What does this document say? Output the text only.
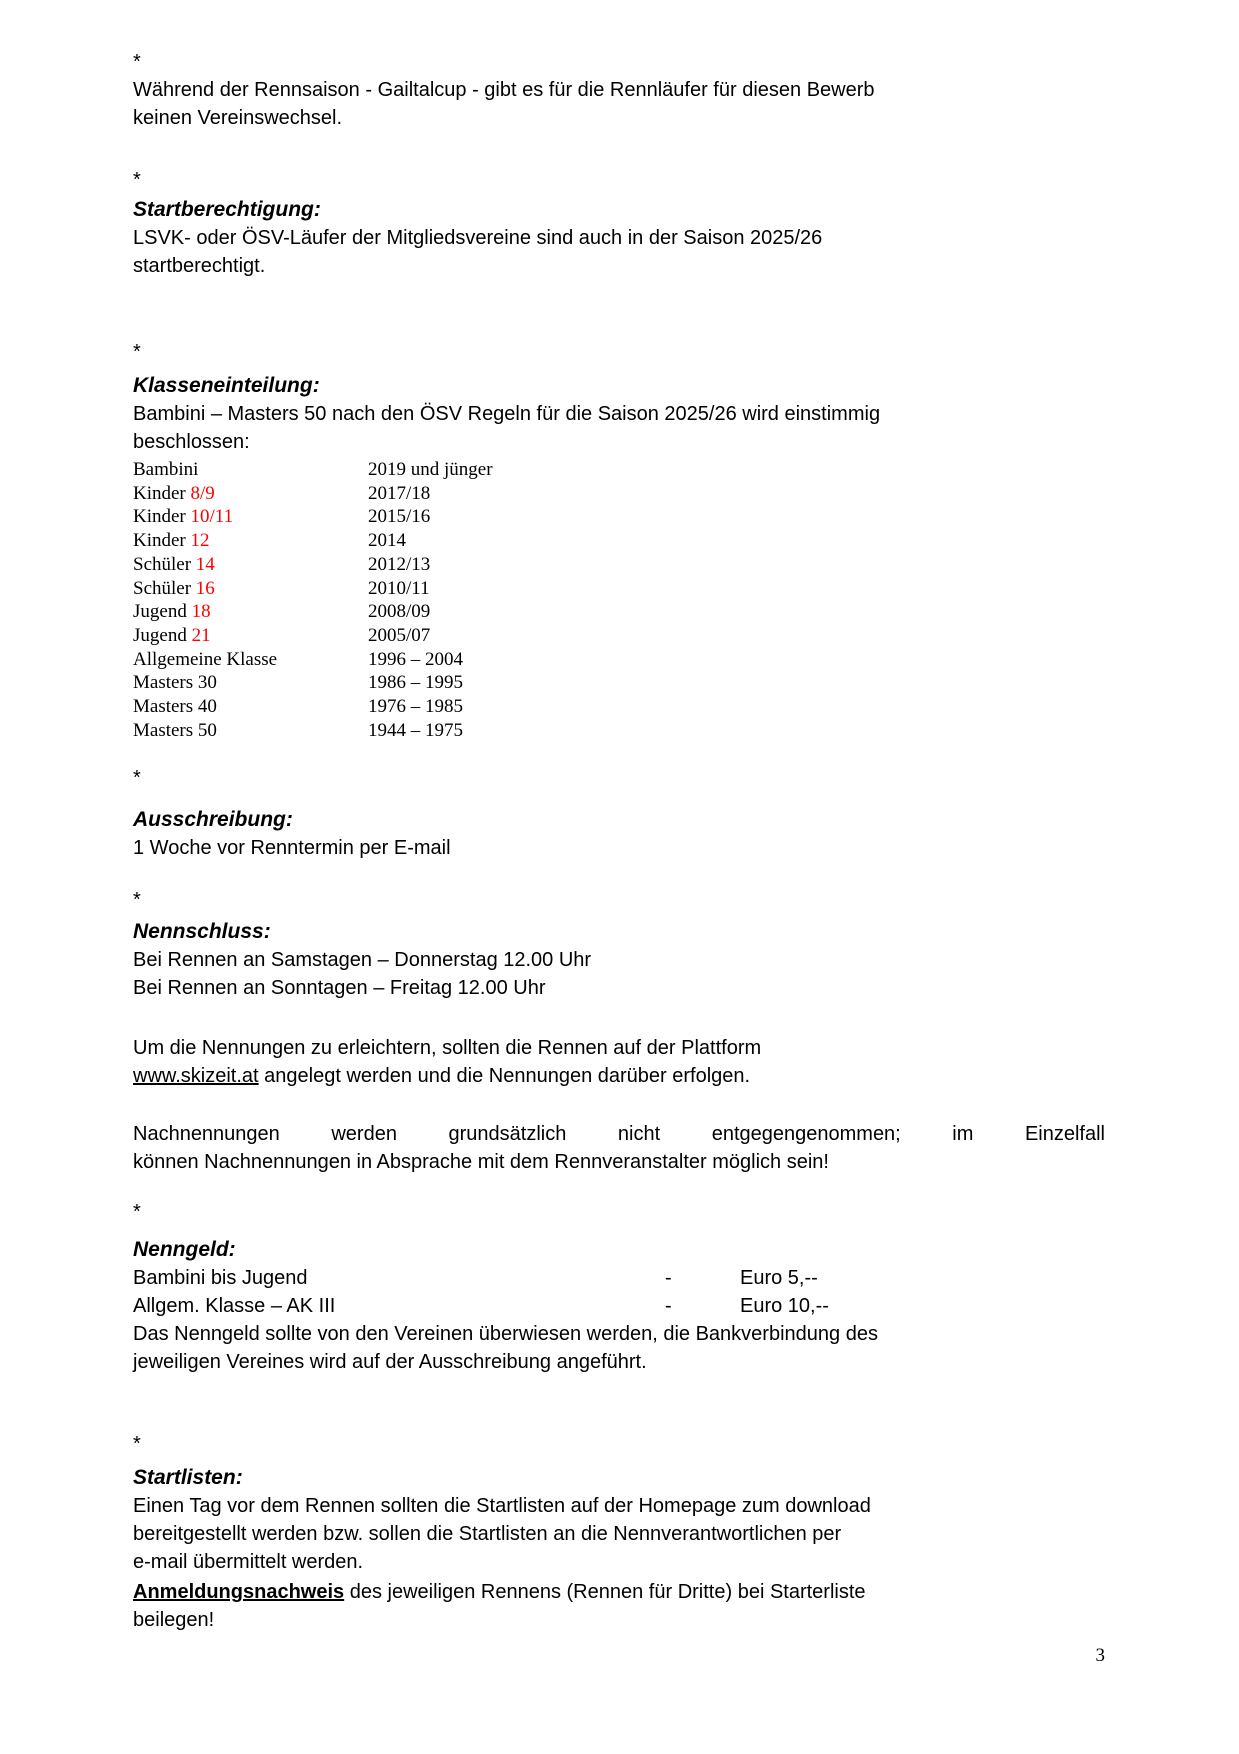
*
Während der Rennsaison - Gailtalcup - gibt es für die Rennläufer für diesen Bewerb
keinen Vereinswechsel.
*
Startberechtigung:
LSVK- oder ÖSV-Läufer der Mitgliedsvereine sind auch in der Saison 2025/26
startberechtigt.
*
Klasseneinteilung:
Bambini – Masters 50 nach den ÖSV Regeln für die Saison 2025/26 wird einstimmig
beschlossen:
Bambini	2019 und jünger
Kinder 8/9	2017/18
Kinder 10/11	2015/16
Kinder 12	2014
Schüler 14	2012/13
Schüler 16	2010/11
Jugend 18	2008/09
Jugend 21	2005/07
Allgemeine Klasse	1996 – 2004
Masters 30	1986 – 1995
Masters 40	1976 – 1985
Masters 50	1944 – 1975
*
Ausschreibung:
1 Woche vor Renntermin per E-mail
*
Nennschluss:
Bei Rennen an Samstagen – Donnerstag 12.00 Uhr
Bei Rennen an Sonntagen – Freitag 12.00 Uhr
Um die Nennungen zu erleichtern, sollten die Rennen auf der Plattform
www.skizeit.at angelegt werden und die Nennungen darüber erfolgen.
Nachnennungen werden grundsätzlich nicht entgegengenommen; im Einzelfall
können Nachnennungen in Absprache mit dem Rennveranstalter möglich sein!
*
Nenngeld:
Bambini bis Jugend	-	Euro 5,--
Allgem. Klasse – AK III	-	Euro 10,--
Das Nenngeld sollte von den Vereinen überwiesen werden, die Bankverbindung des
jeweiligen Vereines wird auf der Ausschreibung angeführt.
*
Startlisten:
Einen Tag vor dem Rennen sollten die Startlisten auf der Homepage zum download
bereitgestellt werden bzw. sollen die Startlisten an die Nennverantwortlichen per
e-mail übermittelt werden.
Anmeldungsnachweis des jeweiligen Rennens (Rennen für Dritte) bei Starterliste
beilegen!
3
